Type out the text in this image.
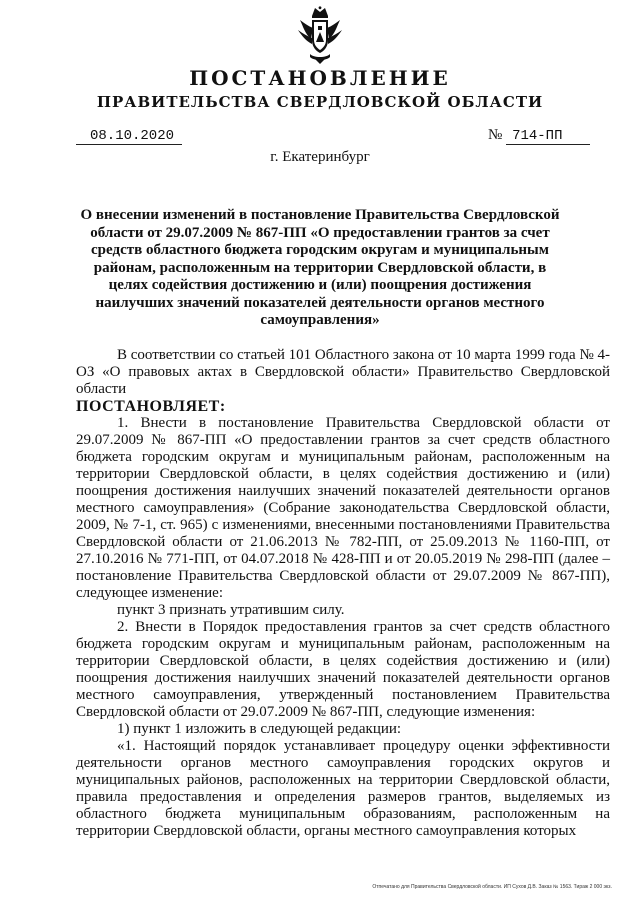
ПОСТАНОВЛЕНИЕ
ПРАВИТЕЛЬСТВА СВЕРДЛОВСКОЙ ОБЛАСТИ
08.10.2020	№ 714-ПП
г. Екатеринбург
О внесении изменений в постановление Правительства Свердловской области от 29.07.2009 № 867-ПП «О предоставлении грантов за счет средств областного бюджета городским округам и муниципальным районам, расположенным на территории Свердловской области, в целях содействия достижению и (или) поощрения достижения наилучших значений показателей деятельности органов местного самоуправления»

В соответствии со статьей 101 Областного закона от 10 марта 1999 года № 4-ОЗ «О правовых актах в Свердловской области» Правительство Свердловской области

ПОСТАНОВЛЯЕТ:

1. Внести в постановление Правительства Свердловской области от 29.07.2009 № 867-ПП «О предоставлении грантов за счет средств областного бюджета городским округам и муниципальным районам, расположенным на территории Свердловской области, в целях содействия достижению и (или) поощрения достижения наилучших значений показателей деятельности органов местного самоуправления» (Собрание законодательства Свердловской области, 2009, № 7-1, ст. 965) с изменениями, внесенными постановлениями Правительства Свердловской области от 21.06.2013 № 782-ПП, от 25.09.2013 № 1160-ПП, от 27.10.2016 № 771-ПП, от 04.07.2018 № 428-ПП и от 20.05.2019 № 298-ПП (далее – постановление Правительства Свердловской области от 29.07.2009 № 867-ПП), следующее изменение:

пункт 3 признать утратившим силу.

2. Внести в Порядок предоставления грантов за счет средств областного бюджета городским округам и муниципальным районам, расположенным на территории Свердловской области, в целях содействия достижению и (или) поощрения достижения наилучших значений показателей деятельности органов местного самоуправления, утвержденный постановлением Правительства Свердловской области от 29.07.2009 № 867-ПП, следующие изменения:

1) пункт 1 изложить в следующей редакции:

«1. Настоящий порядок устанавливает процедуру оценки эффективности деятельности органов местного самоуправления городских округов и муниципальных районов, расположенных на территории Свердловской области, правила предоставления и определения размеров грантов, выделяемых из областного бюджета муниципальным образованиям, расположенным на территории Свердловской области, органы местного самоуправления которых

Отпечатано для Правительства Свердловской области. ИП Сухов Д.В. Заказ № 1563. Тираж 2 000 экз.
